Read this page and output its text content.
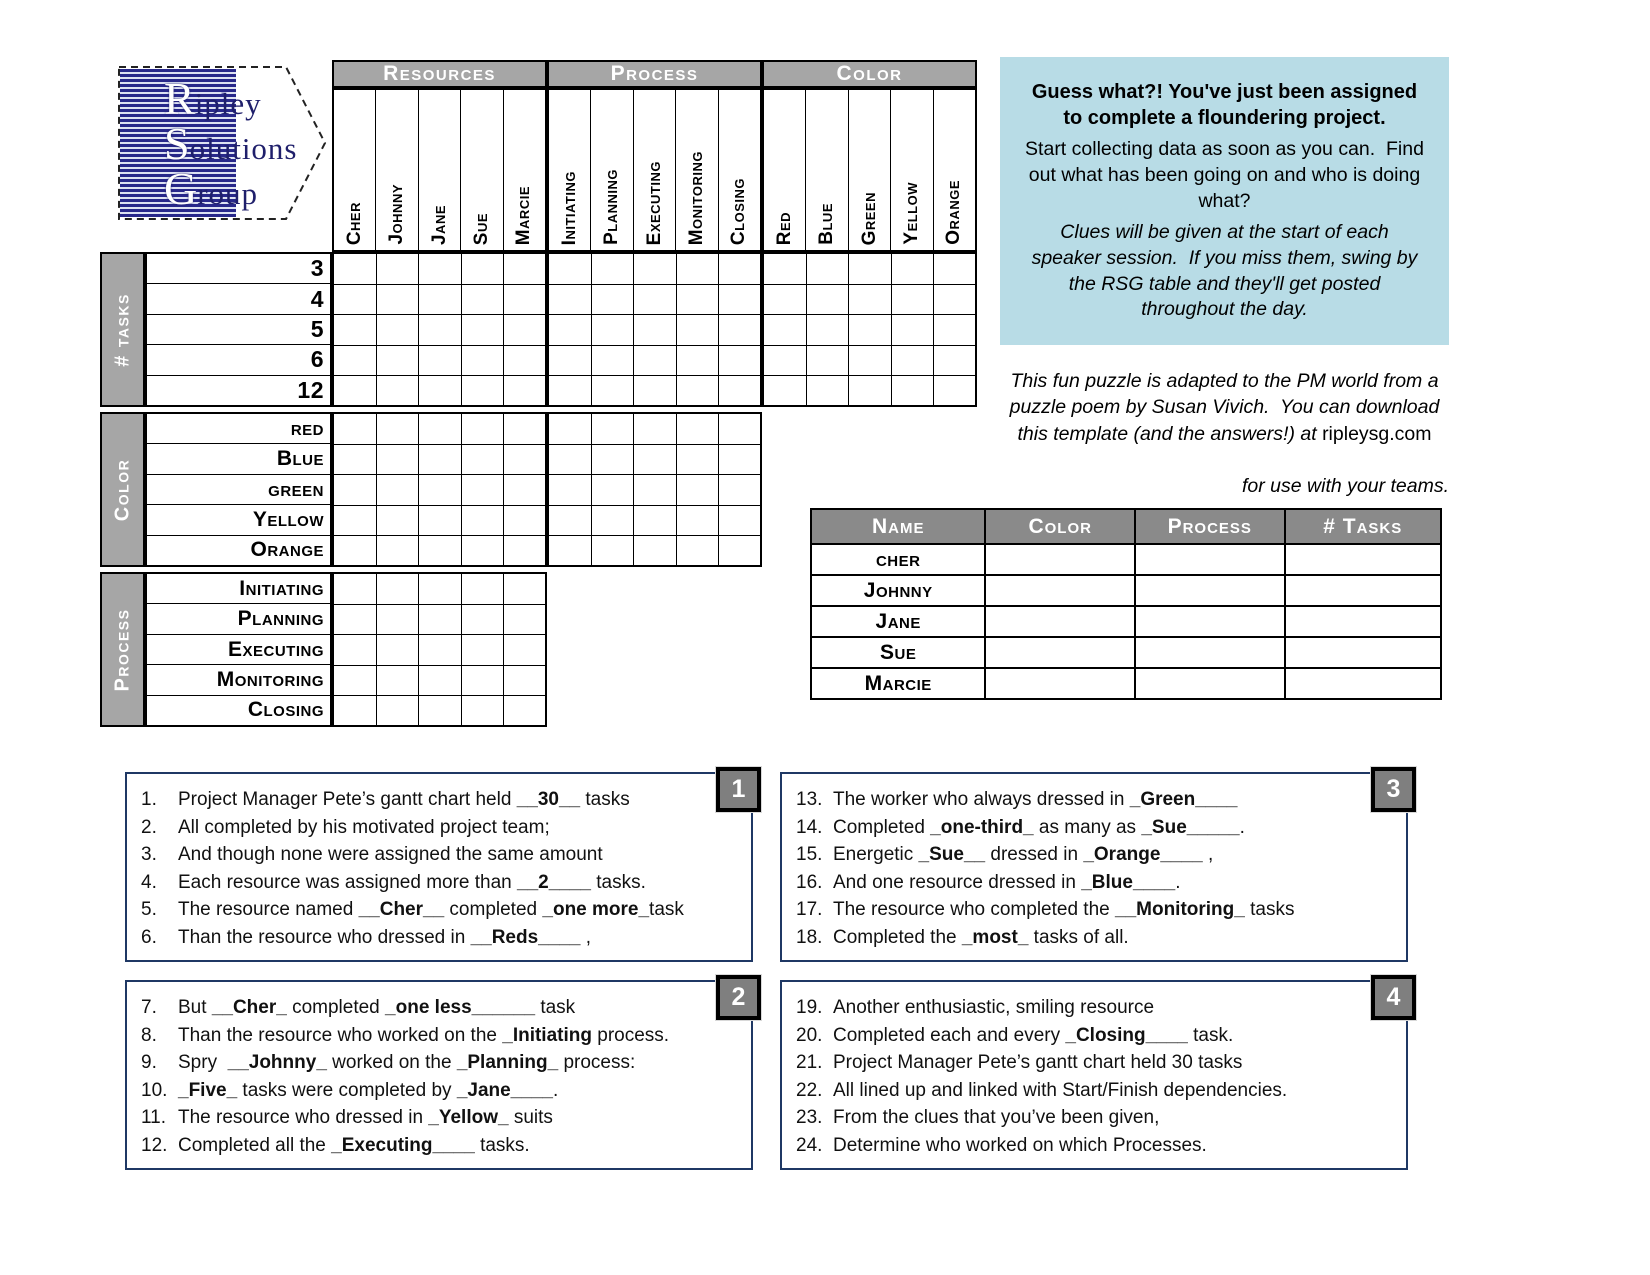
R ipley
S olutions
G roup
Resources
Cher Johnny Jane Sue Marcie
Process
Initiating Planning Executing Monitoring Closing
Color
Red Blue Green Yellow Orange
# tasks
3
4
5
6
12
Color
red
Blue
green
Yellow
Orange
Process
Initiating
Planning
Executing
Monitoring
Closing

Guess what?! You've just been assigned to complete a floundering project.

Start collecting data as soon as you can.  Find out what has been going on and who is doing what?

Clues will be given at the start of each speaker session.  If you miss them, swing by the RSG table and they'll get posted throughout the day.

This fun puzzle is adapted to the PM world from a puzzle poem by Susan Vivich.  You can download this template (and the answers!) at ripleysg.com

for use with your teams.

Name	Color	Process	# Tasks
cher
Johnny
Jane
Sue
Marcie
1
1.	Project Manager Pete’s gantt chart held __30__ tasks
2.	All completed by his motivated project team;
3.	And though none were assigned the same amount
4.	Each resource was assigned more than __2____ tasks.
5.	The resource named __Cher__ completed _one more_task
6.	Than the resource who dressed in __Reds____ ,
2
7.	But __Cher_ completed _one less______ task
8.	Than the resource who worked on the _Initiating process.
9.	Spry  __Johnny_ worked on the _Planning_ process:
10. _Five_ tasks were completed by _Jane____.
11. The resource who dressed in _Yellow_ suits
12. Completed all the _Executing____ tasks.
3
13. The worker who always dressed in _Green____
14. Completed _one-third_ as many as _Sue_____.
15. Energetic _Sue__ dressed in _Orange____ ,
16. And one resource dressed in _Blue____.
17. The resource who completed the __Monitoring_ tasks
18. Completed the _most_ tasks of all.
4
19. Another enthusiastic, smiling resource
20. Completed each and every _Closing____ task.
21. Project Manager Pete’s gantt chart held 30 tasks
22. All lined up and linked with Start/Finish dependencies.
23. From the clues that you’ve been given,
24. Determine who worked on which Processes.
